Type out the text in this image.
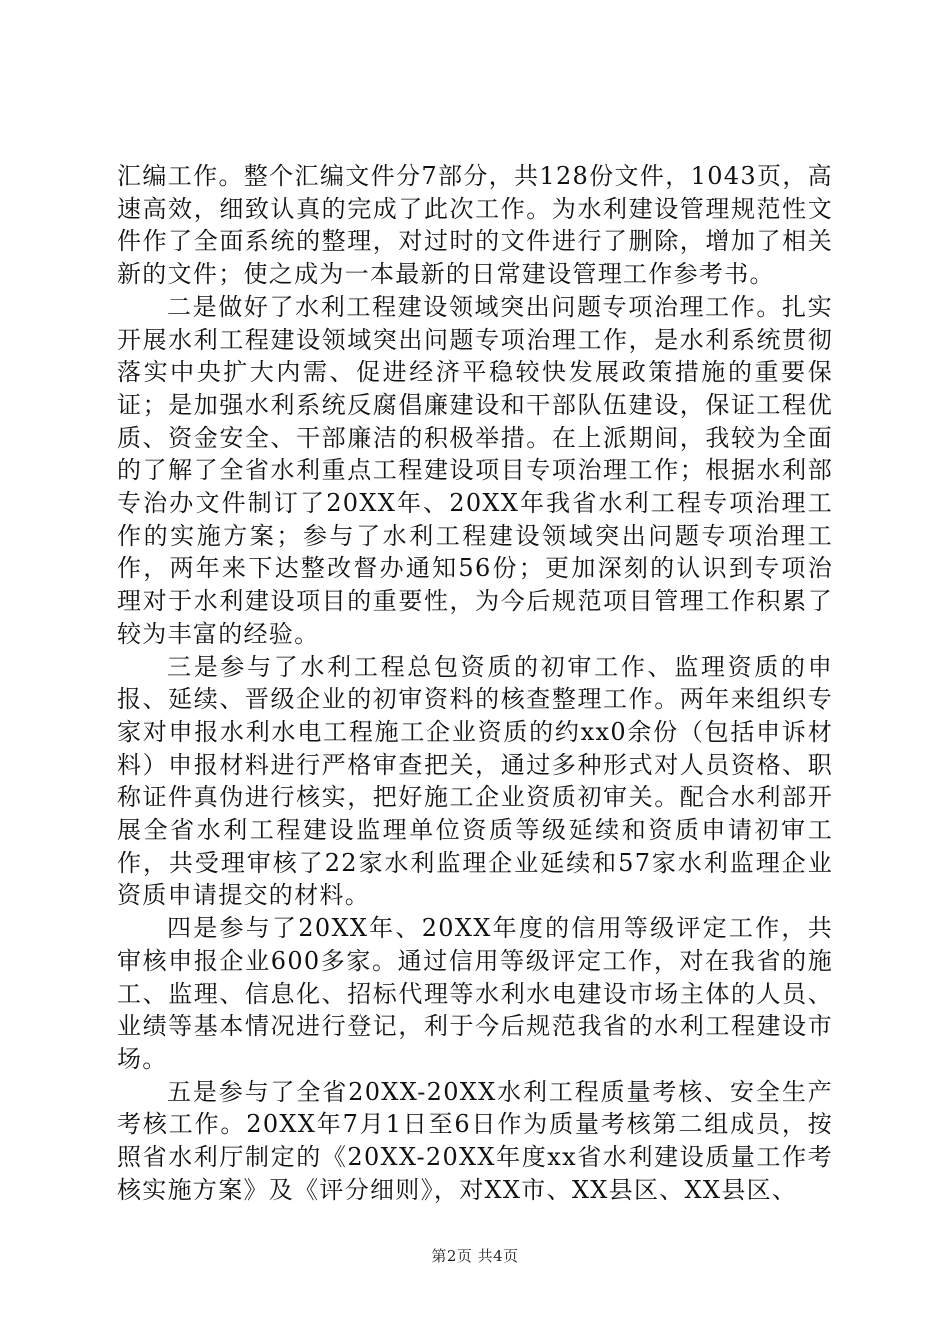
汇编工作。整个汇编文件分7部分，共128份文件，1043页，高速高效，细致认真的完成了此次工作。为水利建设管理规范性文件作了全面系统的整理，对过时的文件进行了删除，增加了相关新的文件；使之成为一本最新的日常建设管理工作参考书。

二是做好了水利工程建设领域突出问题专项治理工作。扎实开展水利工程建设领域突出问题专项治理工作，是水利系统贯彻落实中央扩大内需、促进经济平稳较快发展政策措施的重要保证；是加强水利系统反腐倡廉建设和干部队伍建设，保证工程优质、资金安全、干部廉洁的积极举措。在上派期间，我较为全面的了解了全省水利重点工程建设项目专项治理工作；根据水利部专治办文件制订了20XX年、20XX年我省水利工程专项治理工作的实施方案；参与了水利工程建设领域突出问题专项治理工作，两年来下达整改督办通知56份；更加深刻的认识到专项治理对于水利建设项目的重要性，为今后规范项目管理工作积累了较为丰富的经验。

三是参与了水利工程总包资质的初审工作、监理资质的申报、延续、晋级企业的初审资料的核查整理工作。两年来组织专家对申报水利水电工程施工企业资质的约xx0余份（包括申诉材料）申报材料进行严格审查把关，通过多种形式对人员资格、职称证件真伪进行核实，把好施工企业资质初审关。配合水利部开展全省水利工程建设监理单位资质等级延续和资质申请初审工作，共受理审核了22家水利监理企业延续和57家水利监理企业资质申请提交的材料。

四是参与了20XX年、20XX年度的信用等级评定工作，共审核申报企业600多家。通过信用等级评定工作，对在我省的施工、监理、信息化、招标代理等水利水电建设市场主体的人员、业绩等基本情况进行登记，利于今后规范我省的水利工程建设市场。

五是参与了全省20XX-20XX水利工程质量考核、安全生产考核工作。20XX年7月1日至6日作为质量考核第二组成员，按照省水利厅制定的《20XX-20XX年度xx省水利建设质量工作考核实施方案》及《评分细则》，对XX市、XX县区、XX县区、

第2页 共4页
